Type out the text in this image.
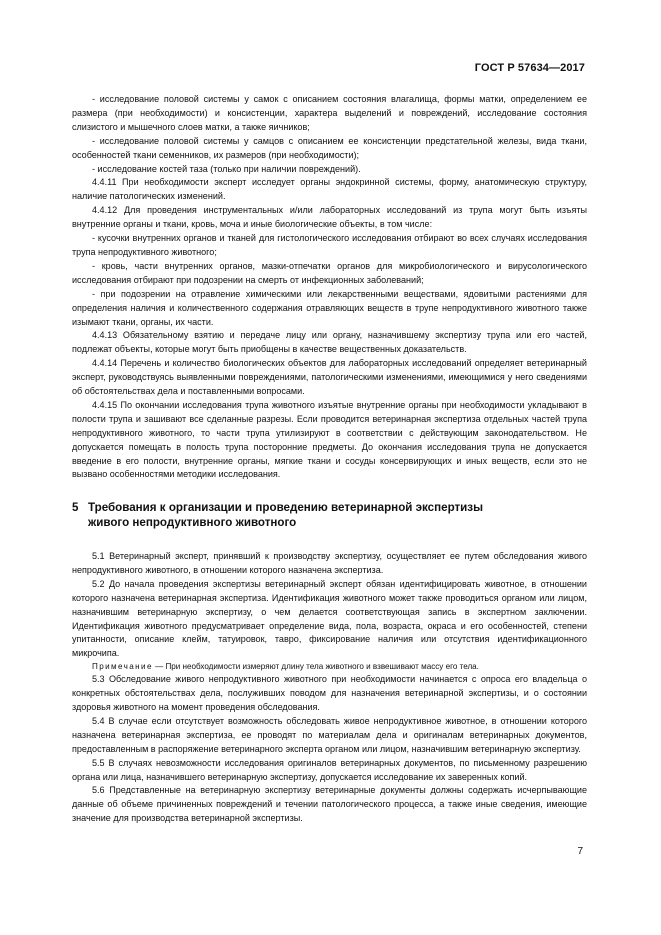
ГОСТ Р 57634—2017

- исследование половой системы у самок с описанием состояния влагалища, формы матки, определением ее размера (при необходимости) и консистенции, характера выделений и повреждений, исследование состояния слизистого и мышечного слоев матки, а также яичников;

- исследование половой системы у самцов с описанием ее консистенции предстательной железы, вида ткани, особенностей ткани семенников, их размеров (при необходимости);

- исследование костей таза (только при наличии повреждений).

4.4.11 При необходимости эксперт исследует органы эндокринной системы, форму, анатомическую структуру, наличие патологических изменений.

4.4.12 Для проведения инструментальных и/или лабораторных исследований из трупа могут быть изъяты внутренние органы и ткани, кровь, моча и иные биологические объекты, в том числе:

- кусочки внутренних органов и тканей для гистологического исследования отбирают во всех случаях исследования трупа непродуктивного животного;

- кровь, части внутренних органов, мазки-отпечатки органов для микробиологического и вирусологического исследования отбирают при подозрении на смерть от инфекционных заболеваний;

- при подозрении на отравление химическими или лекарственными веществами, ядовитыми растениями для определения наличия и количественного содержания отравляющих веществ в трупе непродуктивного животного также изымают ткани, органы, их части.

4.4.13 Обязательному взятию и передаче лицу или органу, назначившему экспертизу трупа или его частей, подлежат объекты, которые могут быть приобщены в качестве вещественных доказательств.

4.4.14 Перечень и количество биологических объектов для лабораторных исследований определяет ветеринарный эксперт, руководствуясь выявленными повреждениями, патологическими изменениями, имеющимися у него сведениями об обстоятельствах дела и поставленными вопросами.

4.4.15 По окончании исследования трупа животного изъятые внутренние органы при необходимости укладывают в полости трупа и зашивают все сделанные разрезы. Если проводится ветеринарная экспертиза отдельных частей трупа непродуктивного животного, то части трупа утилизируют в соответствии с действующим законодательством. Не допускается помещать в полость трупа посторонние предметы. До окончания исследования трупа не допускается введение в его полости, внутренние органы, мягкие ткани и сосуды консервирующих и иных веществ, если это не вызвано особенностями методики исследования.

5 Требования к организации и проведению ветеринарной экспертизы
живого непродуктивного животного

5.1 Ветеринарный эксперт, принявший к производству экспертизу, осуществляет ее путем обследования живого непродуктивного животного, в отношении которого назначена экспертиза.

5.2 До начала проведения экспертизы ветеринарный эксперт обязан идентифицировать животное, в отношении которого назначена ветеринарная экспертиза. Идентификация животного может также проводиться органом или лицом, назначившим ветеринарную экспертизу, о чем делается соответствующая запись в экспертном заключении. Идентификация животного предусматривает определение вида, пола, возраста, окраса и его особенностей, степени упитанности, описание клейм, татуировок, тавро, фиксирование наличия или отсутствия идентификационного микрочипа.

Примечание — При необходимости измеряют длину тела животного и взвешивают массу его тела.

5.3 Обследование живого непродуктивного животного при необходимости начинается с опроса его владельца о конкретных обстоятельствах дела, послуживших поводом для назначения ветеринарной экспертизы, и о состоянии здоровья животного на момент проведения обследования.

5.4 В случае если отсутствует возможность обследовать живое непродуктивное животное, в отношении которого назначена ветеринарная экспертиза, ее проводят по материалам дела и оригиналам ветеринарных документов, предоставленным в распоряжение ветеринарного эксперта органом или лицом, назначившим ветеринарную экспертизу.

5.5 В случаях невозможности исследования оригиналов ветеринарных документов, по письменному разрешению органа или лица, назначившего ветеринарную экспертизу, допускается исследование их заверенных копий.

5.6 Представленные на ветеринарную экспертизу ветеринарные документы должны содержать исчерпывающие данные об объеме причиненных повреждений и течении патологического процесса, а также иные сведения, имеющие значение для производства ветеринарной экспертизы.

7
